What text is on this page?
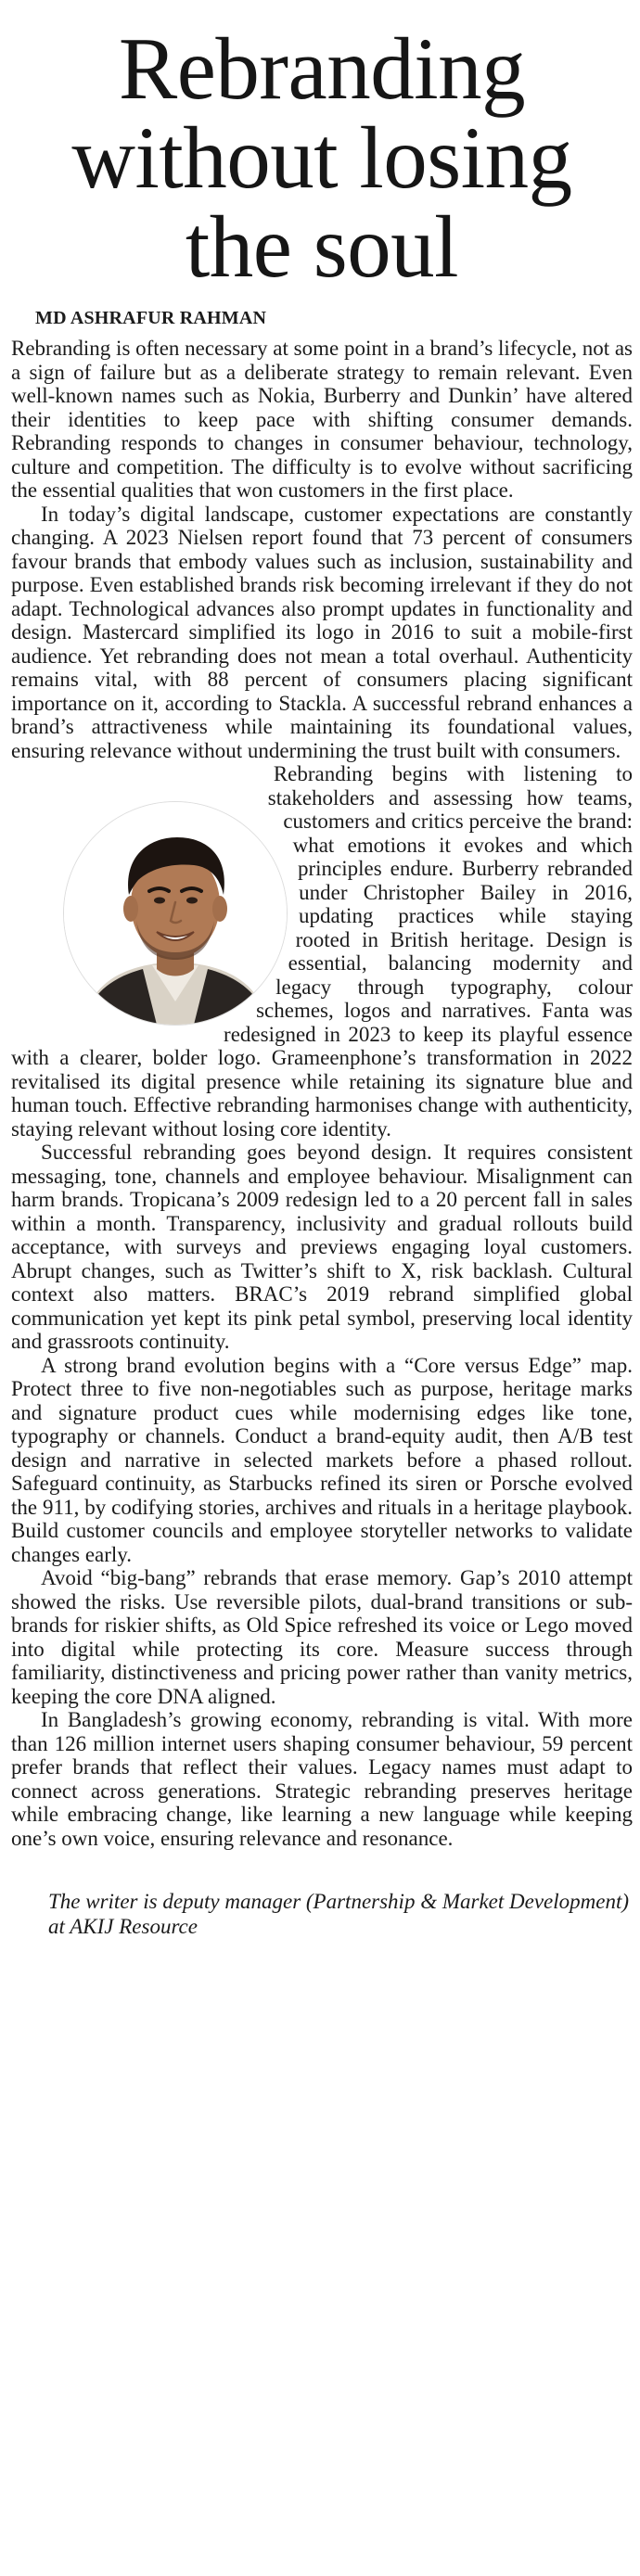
Rebranding
without losing
the soul
MD ASHRAFUR RAHMAN

Rebranding is often necessary at some point in a brand’s lifecycle, not as a sign of failure but as a deliberate strategy to remain relevant. Even well-known names such as Nokia, Burberry and Dunkin’ have altered their identities to keep pace with shifting consumer demands. Rebranding responds to changes in consumer behaviour, technology, culture and competition. The difficulty is to evolve without sacrificing the essential qualities that won customers in the first place.

In today’s digital landscape, customer expectations are constantly changing. A 2023 Nielsen report found that 73 percent of consumers favour brands that embody values such as inclusion, sustainability and purpose. Even established brands risk becoming irrelevant if they do not adapt. Technological advances also prompt updates in functionality and design. Mastercard simplified its logo in 2016 to suit a mobile-first audience. Yet rebranding does not mean a total overhaul. Authenticity remains vital, with 88 percent of consumers placing significant importance on it, according to Stackla. A successful rebrand enhances a brand’s attractiveness while maintaining its foundational values, ensuring relevance without undermining the trust built with consumers.

Rebranding begins with listening to stakeholders and assessing how teams, customers and critics perceive the brand: what emotions it evokes and which principles endure. Burberry rebranded under Christopher Bailey in 2016, updating practices while staying rooted in British heritage. Design is essential, balancing modernity and legacy through typography, colour schemes, logos and narratives. Fanta was redesigned in 2023 to keep its playful essence with a clearer, bolder logo. Grameenphone’s transformation in 2022 revitalised its digital presence while retaining its signature blue and human touch. Effective rebranding harmonises change with authenticity, staying relevant without losing core identity.

Successful rebranding goes beyond design. It requires consistent messaging, tone, channels and employee behaviour. Misalignment can harm brands. Tropicana’s 2009 redesign led to a 20 percent fall in sales within a month. Transparency, inclusivity and gradual rollouts build acceptance, with surveys and previews engaging loyal customers. Abrupt changes, such as Twitter’s shift to X, risk backlash. Cultural context also matters. BRAC’s 2019 rebrand simplified global communication yet kept its pink petal symbol, preserving local identity and grassroots continuity.

A strong brand evolution begins with a “Core versus Edge” map. Protect three to five non-negotiables such as purpose, heritage marks and signature product cues while modernising edges like tone, typography or channels. Conduct a brand-equity audit, then A/B test design and narrative in selected markets before a phased rollout. Safeguard continuity, as Starbucks refined its siren or Porsche evolved the 911, by codifying stories, archives and rituals in a heritage playbook. Build customer councils and employee storyteller networks to validate changes early.

Avoid “big-bang” rebrands that erase memory. Gap’s 2010 attempt showed the risks. Use reversible pilots, dual-brand transitions or sub-brands for riskier shifts, as Old Spice refreshed its voice or Lego moved into digital while protecting its core. Measure success through familiarity, distinctiveness and pricing power rather than vanity metrics, keeping the core DNA aligned.

In Bangladesh’s growing economy, rebranding is vital. With more than 126 million internet users shaping consumer behaviour, 59 percent prefer brands that reflect their values. Legacy names must adapt to connect across generations. Strategic rebranding preserves heritage while embracing change, like learning a new language while keeping one’s own voice, ensuring relevance and resonance.

The writer is deputy manager (Partnership & Market Development) at AKIJ Resource
